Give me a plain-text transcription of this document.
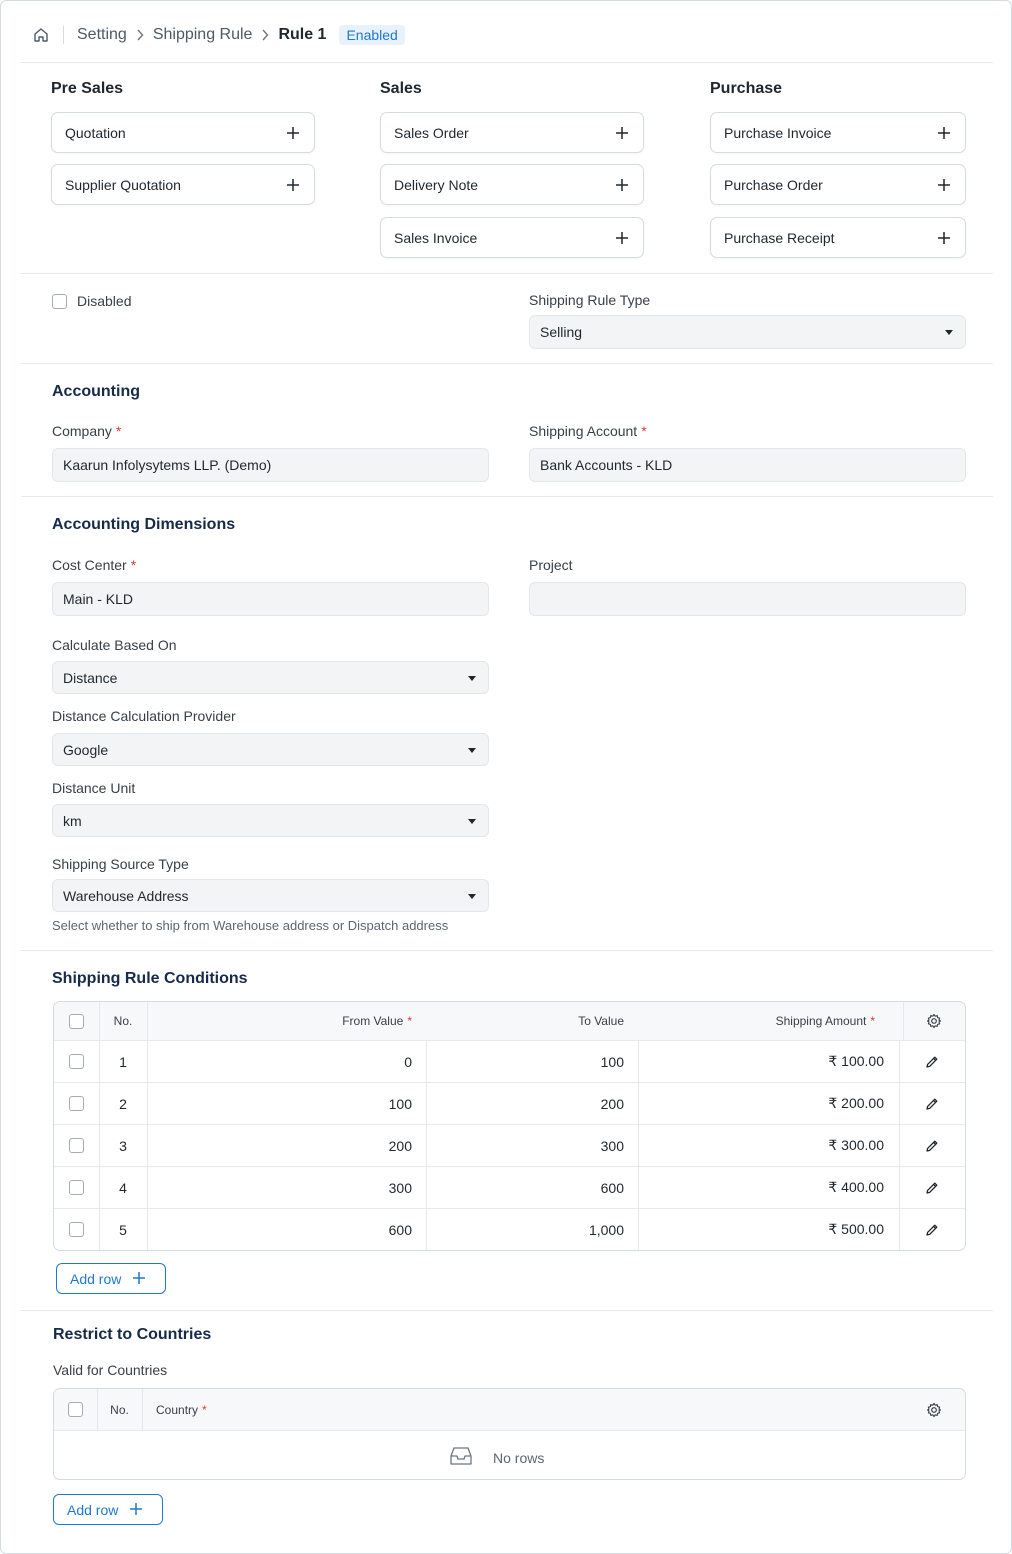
Setting Shipping Rule Rule 1	Enabled
Pre Sales	Sales	Purchase
Quotation
Supplier Quotation
Sales Order
Delivery Note
Sales Invoice
Purchase Invoice
Purchase Order
Purchase Receipt
Disabled	Shipping Rule Type
Selling
Accounting
Company *
Kaarun Infolysytems LLP. (Demo)
Shipping Account *
Bank Accounts - KLD
Accounting Dimensions
Cost Center *
Main - KLD
Project
Calculate Based On
Distance
Distance Calculation Provider
Google
Distance Unit
km
Shipping Source Type
Warehouse Address
Select whether to ship from Warehouse address or Dispatch address
Shipping Rule Conditions
No.	From Value *	To Value	Shipping Amount *
1	0	100	₹ 100.00
2	100	200	₹ 200.00
3	200	300	₹ 300.00
4	300	600	₹ 400.00
5	600	1,000	₹ 500.00
Add row
Restrict to Countries
Valid for Countries
No.	Country *
No rows
Add row
